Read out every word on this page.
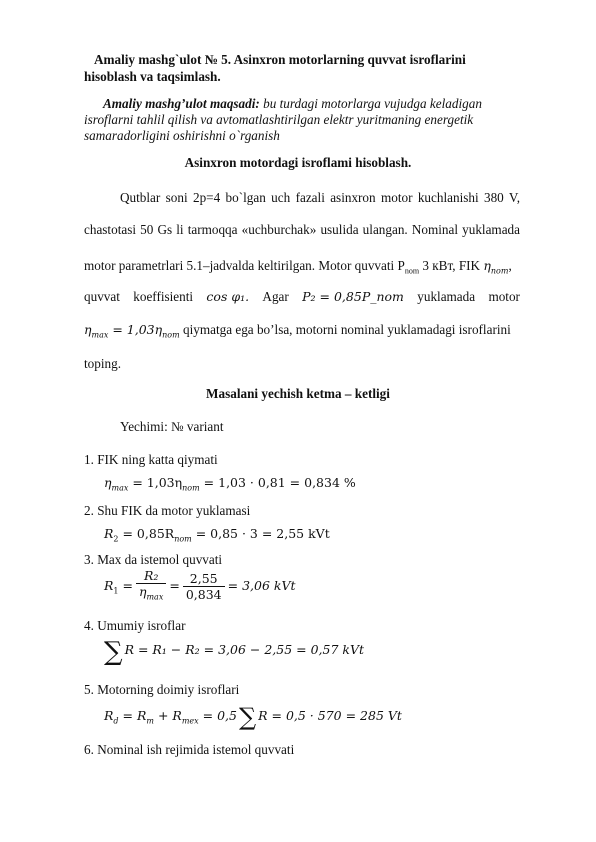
Amaliy mashg`ulot № 5. Asinxron motorlarning quvvat isroflarini
hisoblash va taqsimlash.
Amaliy mashg’ulot maqsadi: bu turdagi motorlarga vujudga keladigan
isroflarni tahlil qilish va avtomatlashtirilgan elektr yuritmaning energetik
samaradorligini oshirishni o`rganish
Asinxron motordagi isroflami hisoblash.
Qutblar soni 2p=4 bo`lgan uch fazali asinxron motor kuchlanishi 380 V,
chastotasi 50 Gs li tarmoqqa «uchburchak» usulida ulangan. Nominal yuklamada
motor parametrlari 5.1–jadvalda keltirilgan. Motor quvvati $P_{nom}$ 3 кВт, FIK $\eta_{nom}$,
quvvat koeffisienti cos φ₁. Agar P₂ = 0,85P_nom yuklamada motor
$\eta_{max} = 1,03\eta_{nom}$ qiymatga ega bo’lsa, motorni nominal yuklamadagi isroflarini
toping.
Masalani yechish ketma – ketligi
Yechimi: № variant
1. FIK ning katta qiymati
$\eta_{max} = 1,03\eta_{nom} = 1,03 \cdot 0,81 = 0,834$ %
2. Shu FIK da motor yuklamasi
$R_2 = 0,85R_{nom} = 0,85 \cdot 3 = 2,55$ kVt
3. Max da istemol quvvati
$R_1 = \frac{\text{R₂}}{\eta_{max}} = \frac{2,55}{0,834} = 3,06$ kVt
4. Umumiy isroflar
∑ R = R₁ − R₂ = 3,06 − 2,55 = 0,57 kVt
5. Motorning doimiy isroflari
$R_d = R_m + R_{mex} = 0,5\sum$ R = 0,5 · 570 = 285 Vt
6. Nominal ish rejimida istemol quvvati
